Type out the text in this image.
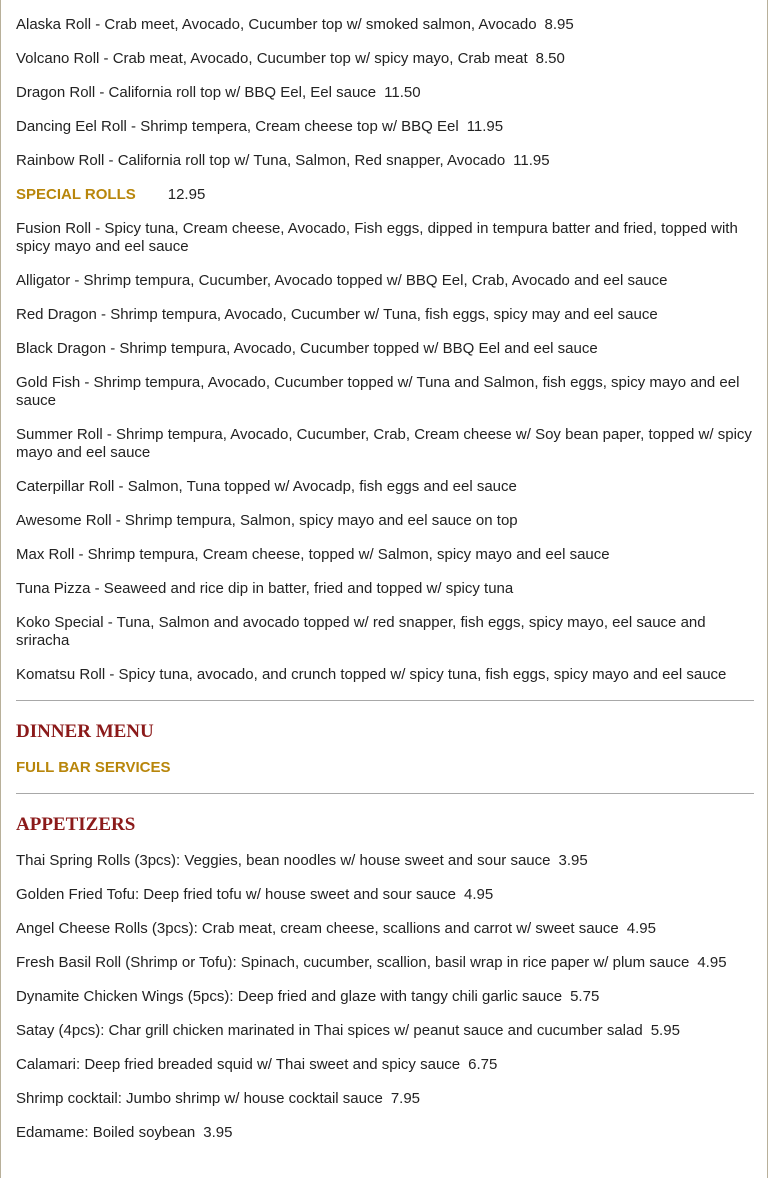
Alaska Roll - Crab meet, Avocado, Cucumber top w/ smoked salmon, Avocado 8.95
Volcano Roll - Crab meat, Avocado, Cucumber top w/ spicy mayo, Crab meat 8.50
Dragon Roll - California roll top w/ BBQ Eel, Eel sauce 11.50
Dancing Eel Roll - Shrimp tempera, Cream cheese top w/ BBQ Eel 11.95
Rainbow Roll - California roll top w/ Tuna, Salmon, Red snapper, Avocado 11.95
SPECIAL ROLLS 12.95
Fusion Roll - Spicy tuna, Cream cheese, Avocado, Fish eggs, dipped in tempura batter and fried, topped with spicy mayo and eel sauce
Alligator - Shrimp tempura, Cucumber, Avocado topped w/ BBQ Eel, Crab, Avocado and eel sauce
Red Dragon - Shrimp tempura, Avocado, Cucumber w/ Tuna, fish eggs, spicy may and eel sauce
Black Dragon - Shrimp tempura, Avocado, Cucumber topped w/ BBQ Eel and eel sauce
Gold Fish - Shrimp tempura, Avocado, Cucumber topped w/ Tuna and Salmon, fish eggs, spicy mayo and eel sauce
Summer Roll - Shrimp tempura, Avocado, Cucumber, Crab, Cream cheese w/ Soy bean paper, topped w/ spicy mayo and eel sauce
Caterpillar Roll - Salmon, Tuna topped w/ Avocadp, fish eggs and eel sauce
Awesome Roll - Shrimp tempura, Salmon, spicy mayo and eel sauce on top
Max Roll - Shrimp tempura, Cream cheese, topped w/ Salmon, spicy mayo and eel sauce
Tuna Pizza - Seaweed and rice dip in batter, fried and topped w/ spicy tuna
Koko Special - Tuna, Salmon and avocado topped w/ red snapper, fish eggs, spicy mayo, eel sauce and sriracha
Komatsu Roll - Spicy tuna, avocado, and crunch topped w/ spicy tuna, fish eggs, spicy mayo and eel sauce
DINNER MENU
FULL BAR SERVICES
APPETIZERS
Thai Spring Rolls (3pcs): Veggies, bean noodles w/ house sweet and sour sauce 3.95
Golden Fried Tofu: Deep fried tofu w/ house sweet and sour sauce 4.95
Angel Cheese Rolls (3pcs): Crab meat, cream cheese, scallions and carrot w/ sweet sauce 4.95
Fresh Basil Roll (Shrimp or Tofu): Spinach, cucumber, scallion, basil wrap in rice paper w/ plum sauce 4.95
Dynamite Chicken Wings (5pcs): Deep fried and glaze with tangy chili garlic sauce 5.75
Satay (4pcs): Char grill chicken marinated in Thai spices w/ peanut sauce and cucumber salad 5.95
Calamari: Deep fried breaded squid w/ Thai sweet and spicy sauce 6.75
Shrimp cocktail: Jumbo shrimp w/ house cocktail sauce 7.95
Edamame: Boiled soybean 3.95
